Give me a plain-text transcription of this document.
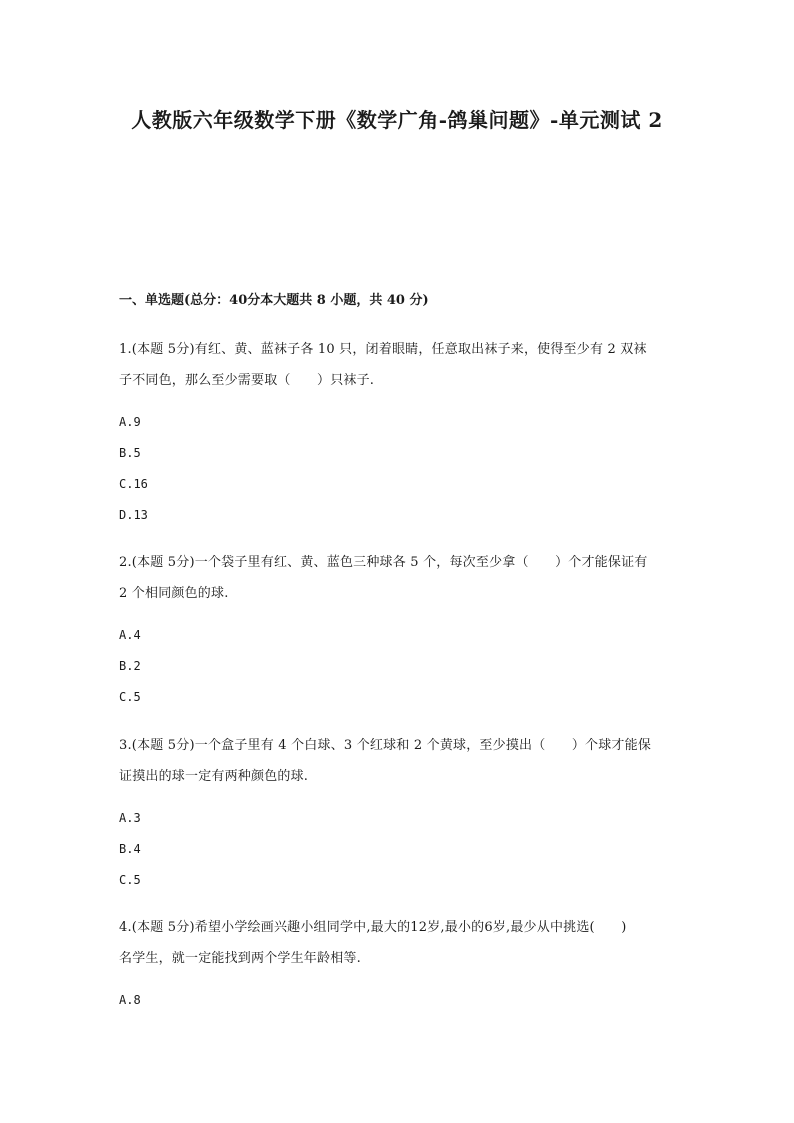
人教版六年级数学下册《数学广角-鸽巢问题》-单元测试 2
一、单选题(总分：40分本大题共 8 小题，共 40 分)
1.(本题 5分)有红、黄、蓝袜子各 10 只，闭着眼睛，任意取出袜子来，使得至少有 2 双袜
子不同色，那么至少需要取（　　）只袜子.
A.9
B.5
C.16
D.13
2.(本题 5分)一个袋子里有红、黄、蓝色三种球各 5 个，每次至少拿（　　）个才能保证有
2 个相同颜色的球.
A.4
B.2
C.5
3.(本题 5分)一个盒子里有 4 个白球、3 个红球和 2 个黄球，至少摸出（　　）个球才能保
证摸出的球一定有两种颜色的球.
A.3
B.4
C.5
4.(本题 5分)希望小学绘画兴趣小组同学中,最大的12岁,最小的6岁,最少从中挑选(　　)
名学生，就一定能找到两个学生年龄相等.
A.8
